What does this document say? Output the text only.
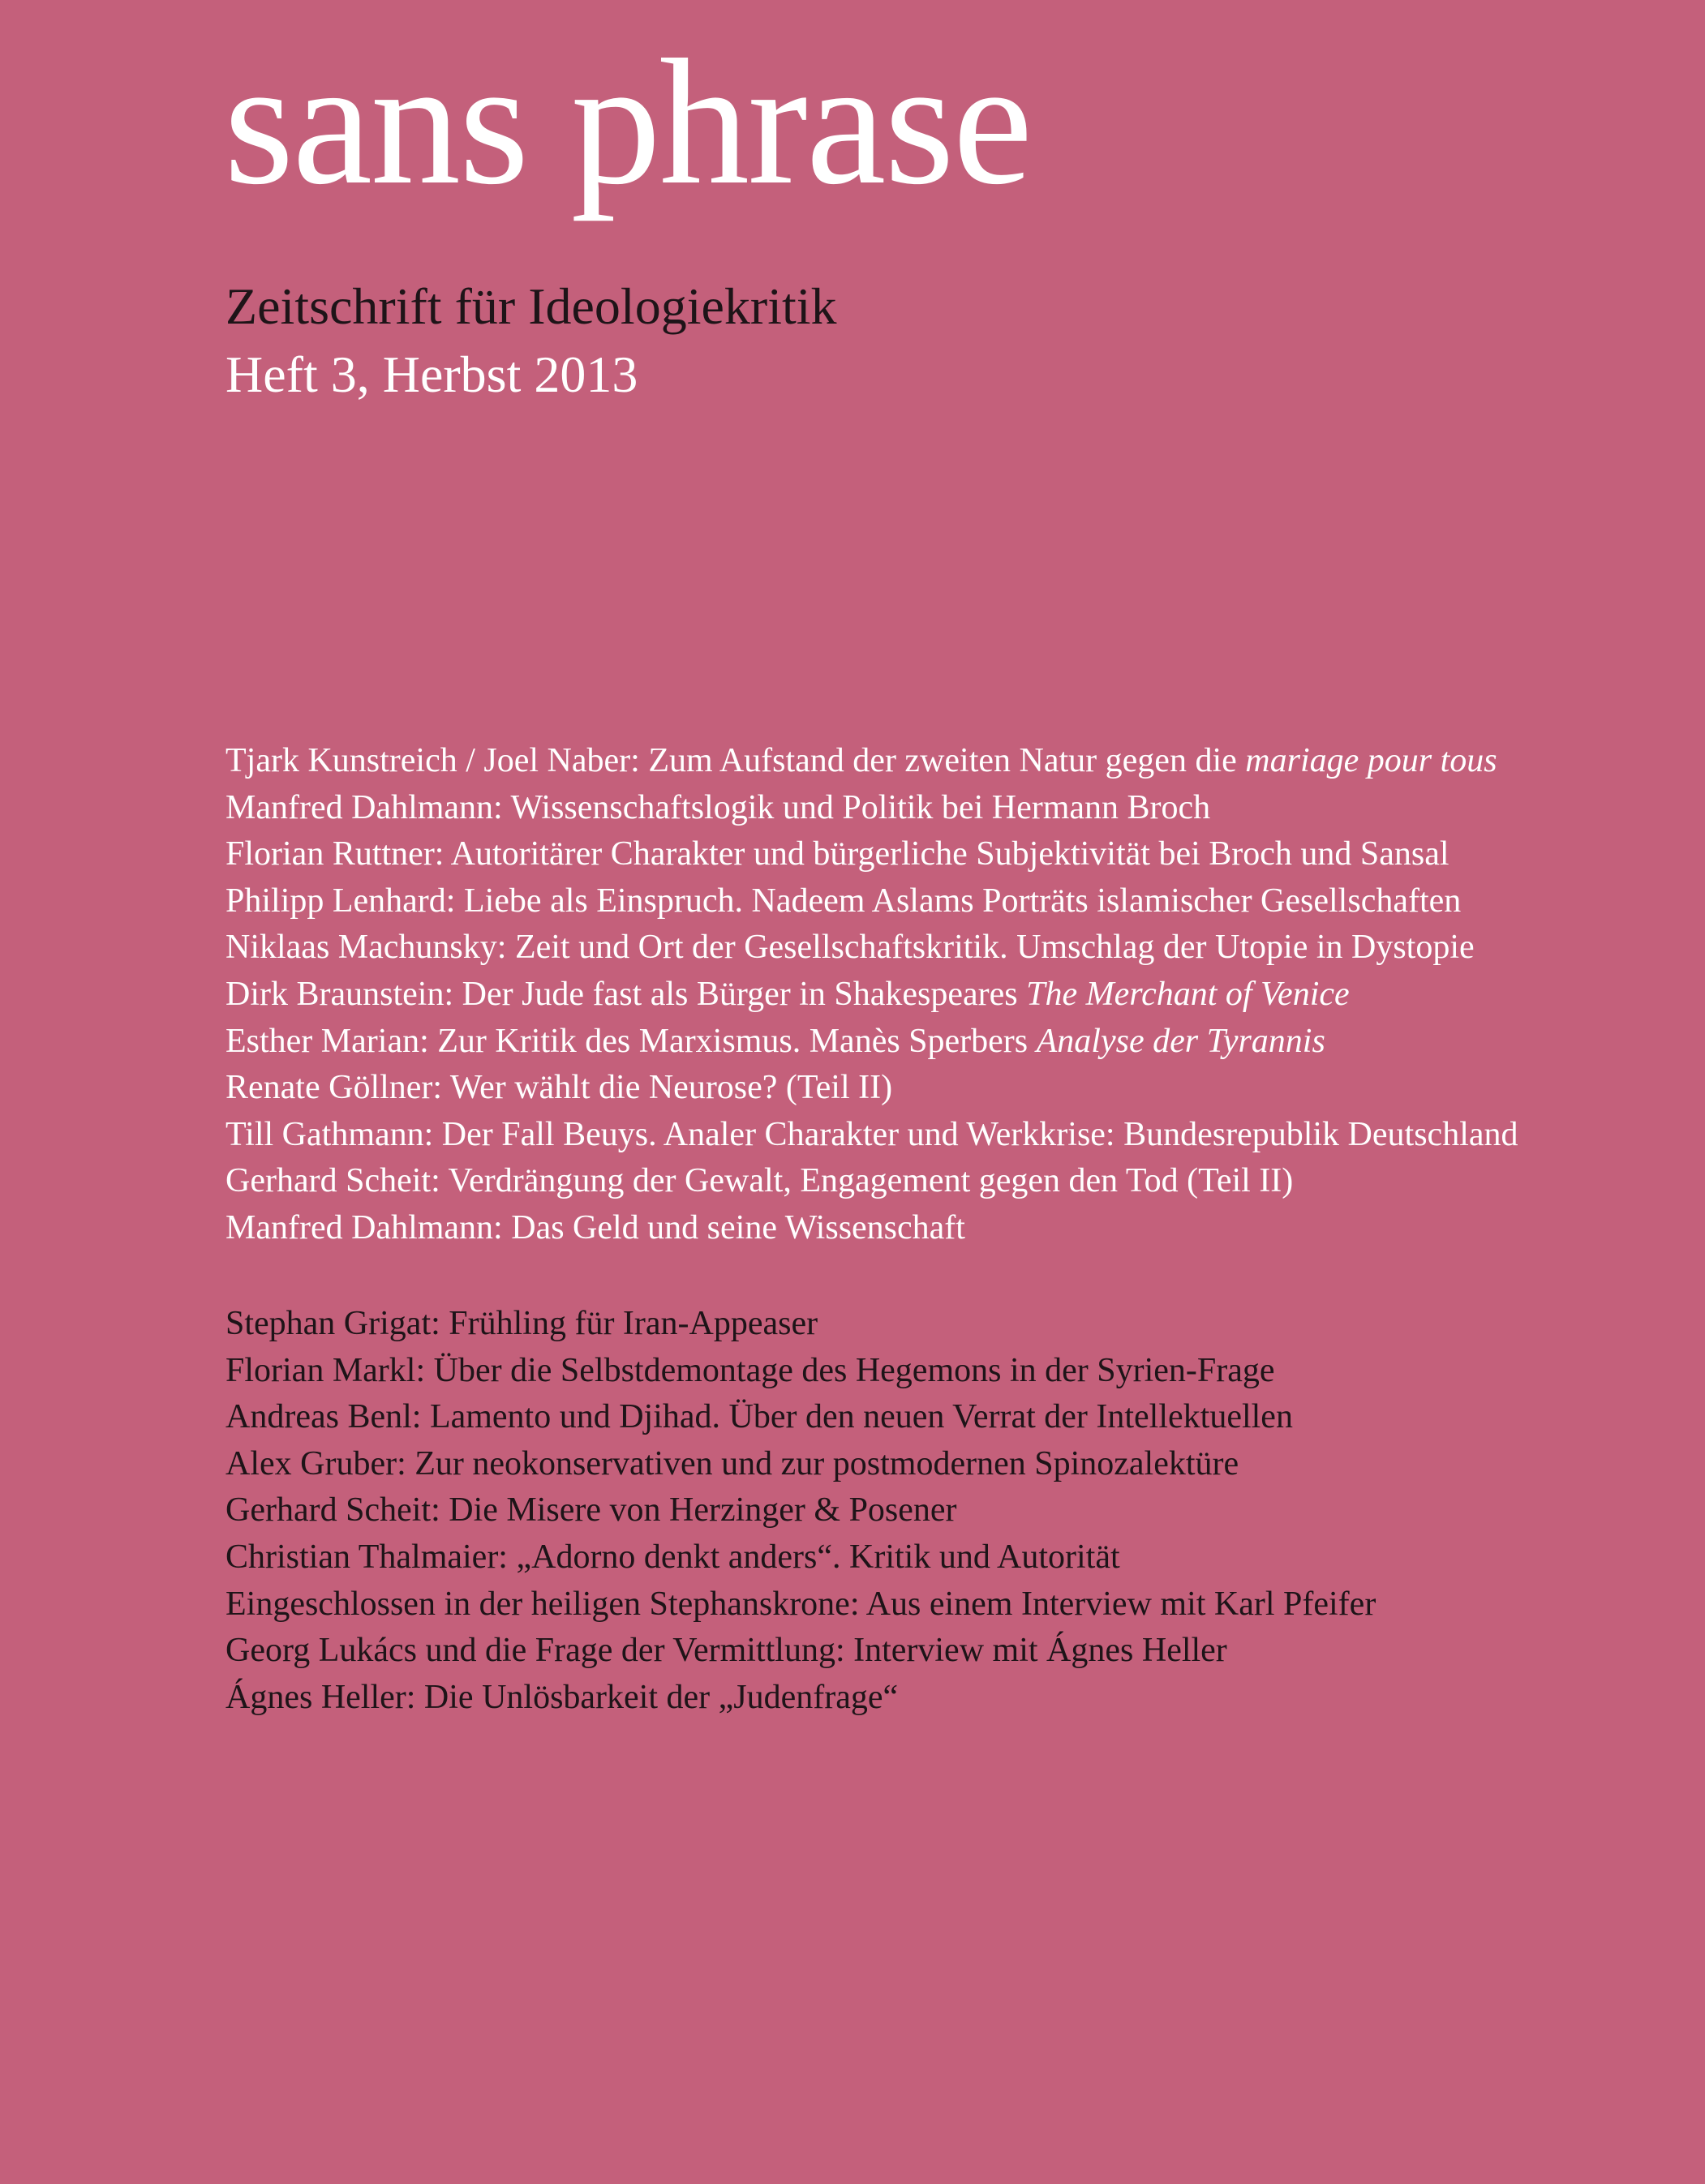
sans phrase
Zeitschrift für Ideologiekritik
Heft 3, Herbst 2013
Tjark Kunstreich / Joel Naber: Zum Aufstand der zweiten Natur gegen die mariage pour tous
Manfred Dahlmann: Wissenschaftslogik und Politik bei Hermann Broch
Florian Ruttner: Autoritärer Charakter und bürgerliche Subjektivität bei Broch und Sansal
Philipp Lenhard: Liebe als Einspruch. Nadeem Aslams Porträts islamischer Gesellschaften
Niklaas Machunsky: Zeit und Ort der Gesellschaftskritik. Umschlag der Utopie in Dystopie
Dirk Braunstein: Der Jude fast als Bürger in Shakespeares The Merchant of Venice
Esther Marian: Zur Kritik des Marxismus. Manès Sperbers Analyse der Tyrannis
Renate Göllner: Wer wählt die Neurose? (Teil II)
Till Gathmann: Der Fall Beuys. Analer Charakter und Werkkrise: Bundesrepublik Deutschland
Gerhard Scheit: Verdrängung der Gewalt, Engagement gegen den Tod (Teil II)
Manfred Dahlmann: Das Geld und seine Wissenschaft
Stephan Grigat: Frühling für Iran-Appeaser
Florian Markl: Über die Selbstdemontage des Hegemons in der Syrien-Frage
Andreas Benl: Lamento und Djihad. Über den neuen Verrat der Intellektuellen
Alex Gruber: Zur neokonservativen und zur postmodernen Spinozalektüre
Gerhard Scheit: Die Misere von Herzinger & Posener
Christian Thalmaier: „Adorno denkt anders“. Kritik und Autorität
Eingeschlossen in der heiligen Stephanskrone: Aus einem Interview mit Karl Pfeifer
Georg Lukács und die Frage der Vermittlung: Interview mit Ágnes Heller
Ágnes Heller: Die Unlösbarkeit der „Judenfrage“
